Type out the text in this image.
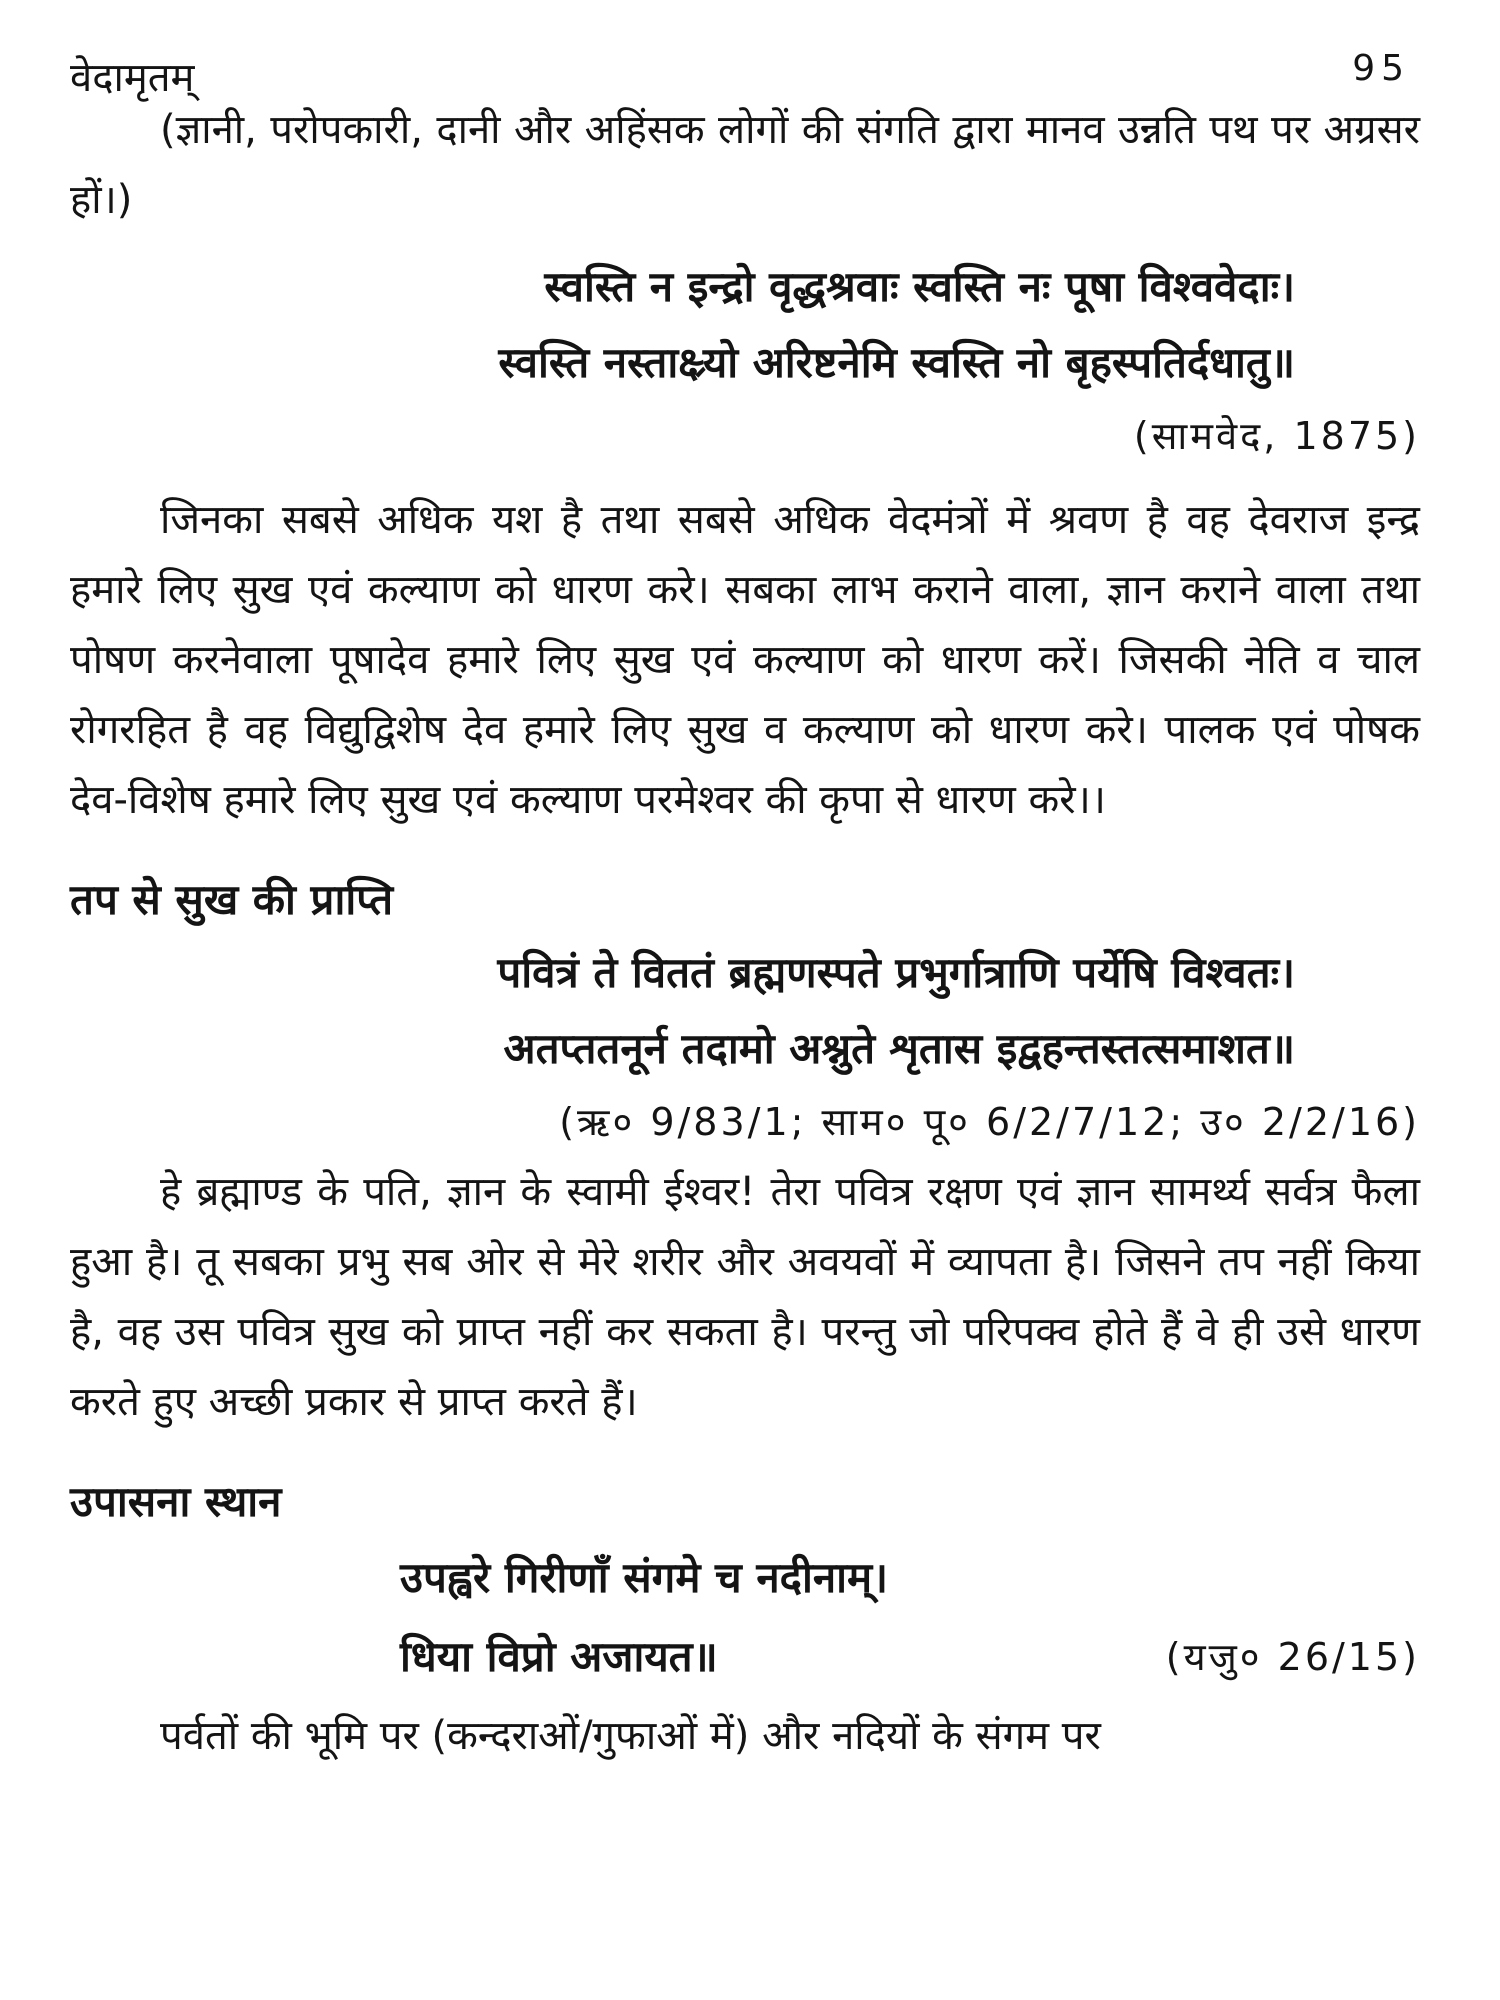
वेदामृतम्	95

(ज्ञानी, परोपकारी, दानी और अहिंसक लोगों की संगति द्वारा मानव उन्नति पथ पर अग्रसर हों।)

स्वस्ति न इन्द्रो वृद्धश्रवाः स्वस्ति नः पूषा विश्ववेदाः।

स्वस्ति नस्ताक्ष्र्यो अरिष्टनेमि स्वस्ति नो बृहस्पतिर्दधातु॥

(सामवेद, 1875)

जिनका सबसे अधिक यश है तथा सबसे अधिक वेदमंत्रों में श्रवण है वह देवराज इन्द्र हमारे लिए सुख एवं कल्याण को धारण करे। सबका लाभ कराने वाला, ज्ञान कराने वाला तथा पोषण करनेवाला पूषादेव हमारे लिए सुख एवं कल्याण को धारण करें। जिसकी नेति व चाल रोगरहित है वह विद्युद्विशेष देव हमारे लिए सुख व कल्याण को धारण करे। पालक एवं पोषक देव-विशेष हमारे लिए सुख एवं कल्याण परमेश्वर की कृपा से धारण करे।।

तप से सुख की प्राप्ति

पवित्रं ते विततं ब्रह्मणस्पते प्रभुर्गात्राणि पर्येषि विश्वतः।

अतप्ततनूर्न तदामो अश्नुते शृतास इद्वहन्तस्तत्समाशत॥

(ऋ० 9/83/1; साम० पू० 6/2/7/12; उ० 2/2/16)

हे ब्रह्माण्ड के पति, ज्ञान के स्वामी ईश्वर! तेरा पवित्र रक्षण एवं ज्ञान सामर्थ्य सर्वत्र फैला हुआ है। तू सबका प्रभु सब ओर से मेरे शरीर और अवयवों में व्यापता है। जिसने तप नहीं किया है, वह उस पवित्र सुख को प्राप्त नहीं कर सकता है। परन्तु जो परिपक्व होते हैं वे ही उसे धारण करते हुए अच्छी प्रकार से प्राप्त करते हैं।

उपासना स्थान

उपह्वरे गिरीणाँ संगमे च नदीनाम्।

धिया विप्रो अजायत॥	(यजु० 26/15)

पर्वतों की भूमि पर (कन्दराओं/गुफाओं में) और नदियों के संगम पर
